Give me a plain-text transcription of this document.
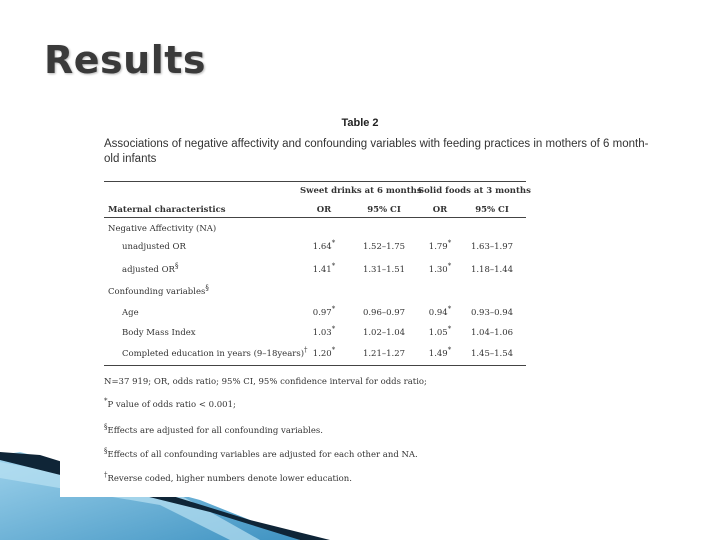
Results
Table 2
Associations of negative affectivity and confounding variables with feeding practices in mothers of 6 month-old infants
Sweet drinks at 6 months
Solid foods at 3 months
Maternal characteristics	OR	95% CI	OR	95% CI
Negative Affectivity (NA)
unadjusted OR	1.64*	1.52–1.75	1.79*	1.63–1.97
adjusted OR§	1.41*	1.31–1.51	1.30*	1.18–1.44
Confounding variables§
Age	0.97*	0.96–0.97	0.94*	0.93–0.94
Body Mass Index	1.03*	1.02–1.04	1.05*	1.04–1.06
Completed education in years (9–18years)† 1.20*	1.21–1.27	1.49*	1.45–1.54
N=37 919; OR, odds ratio; 95% CI, 95% confidence interval for odds ratio;
*P value of odds ratio < 0.001;
§Effects are adjusted for all confounding variables.
§Effects of all confounding variables are adjusted for each other and NA.
†Reverse coded, higher numbers denote lower education.
